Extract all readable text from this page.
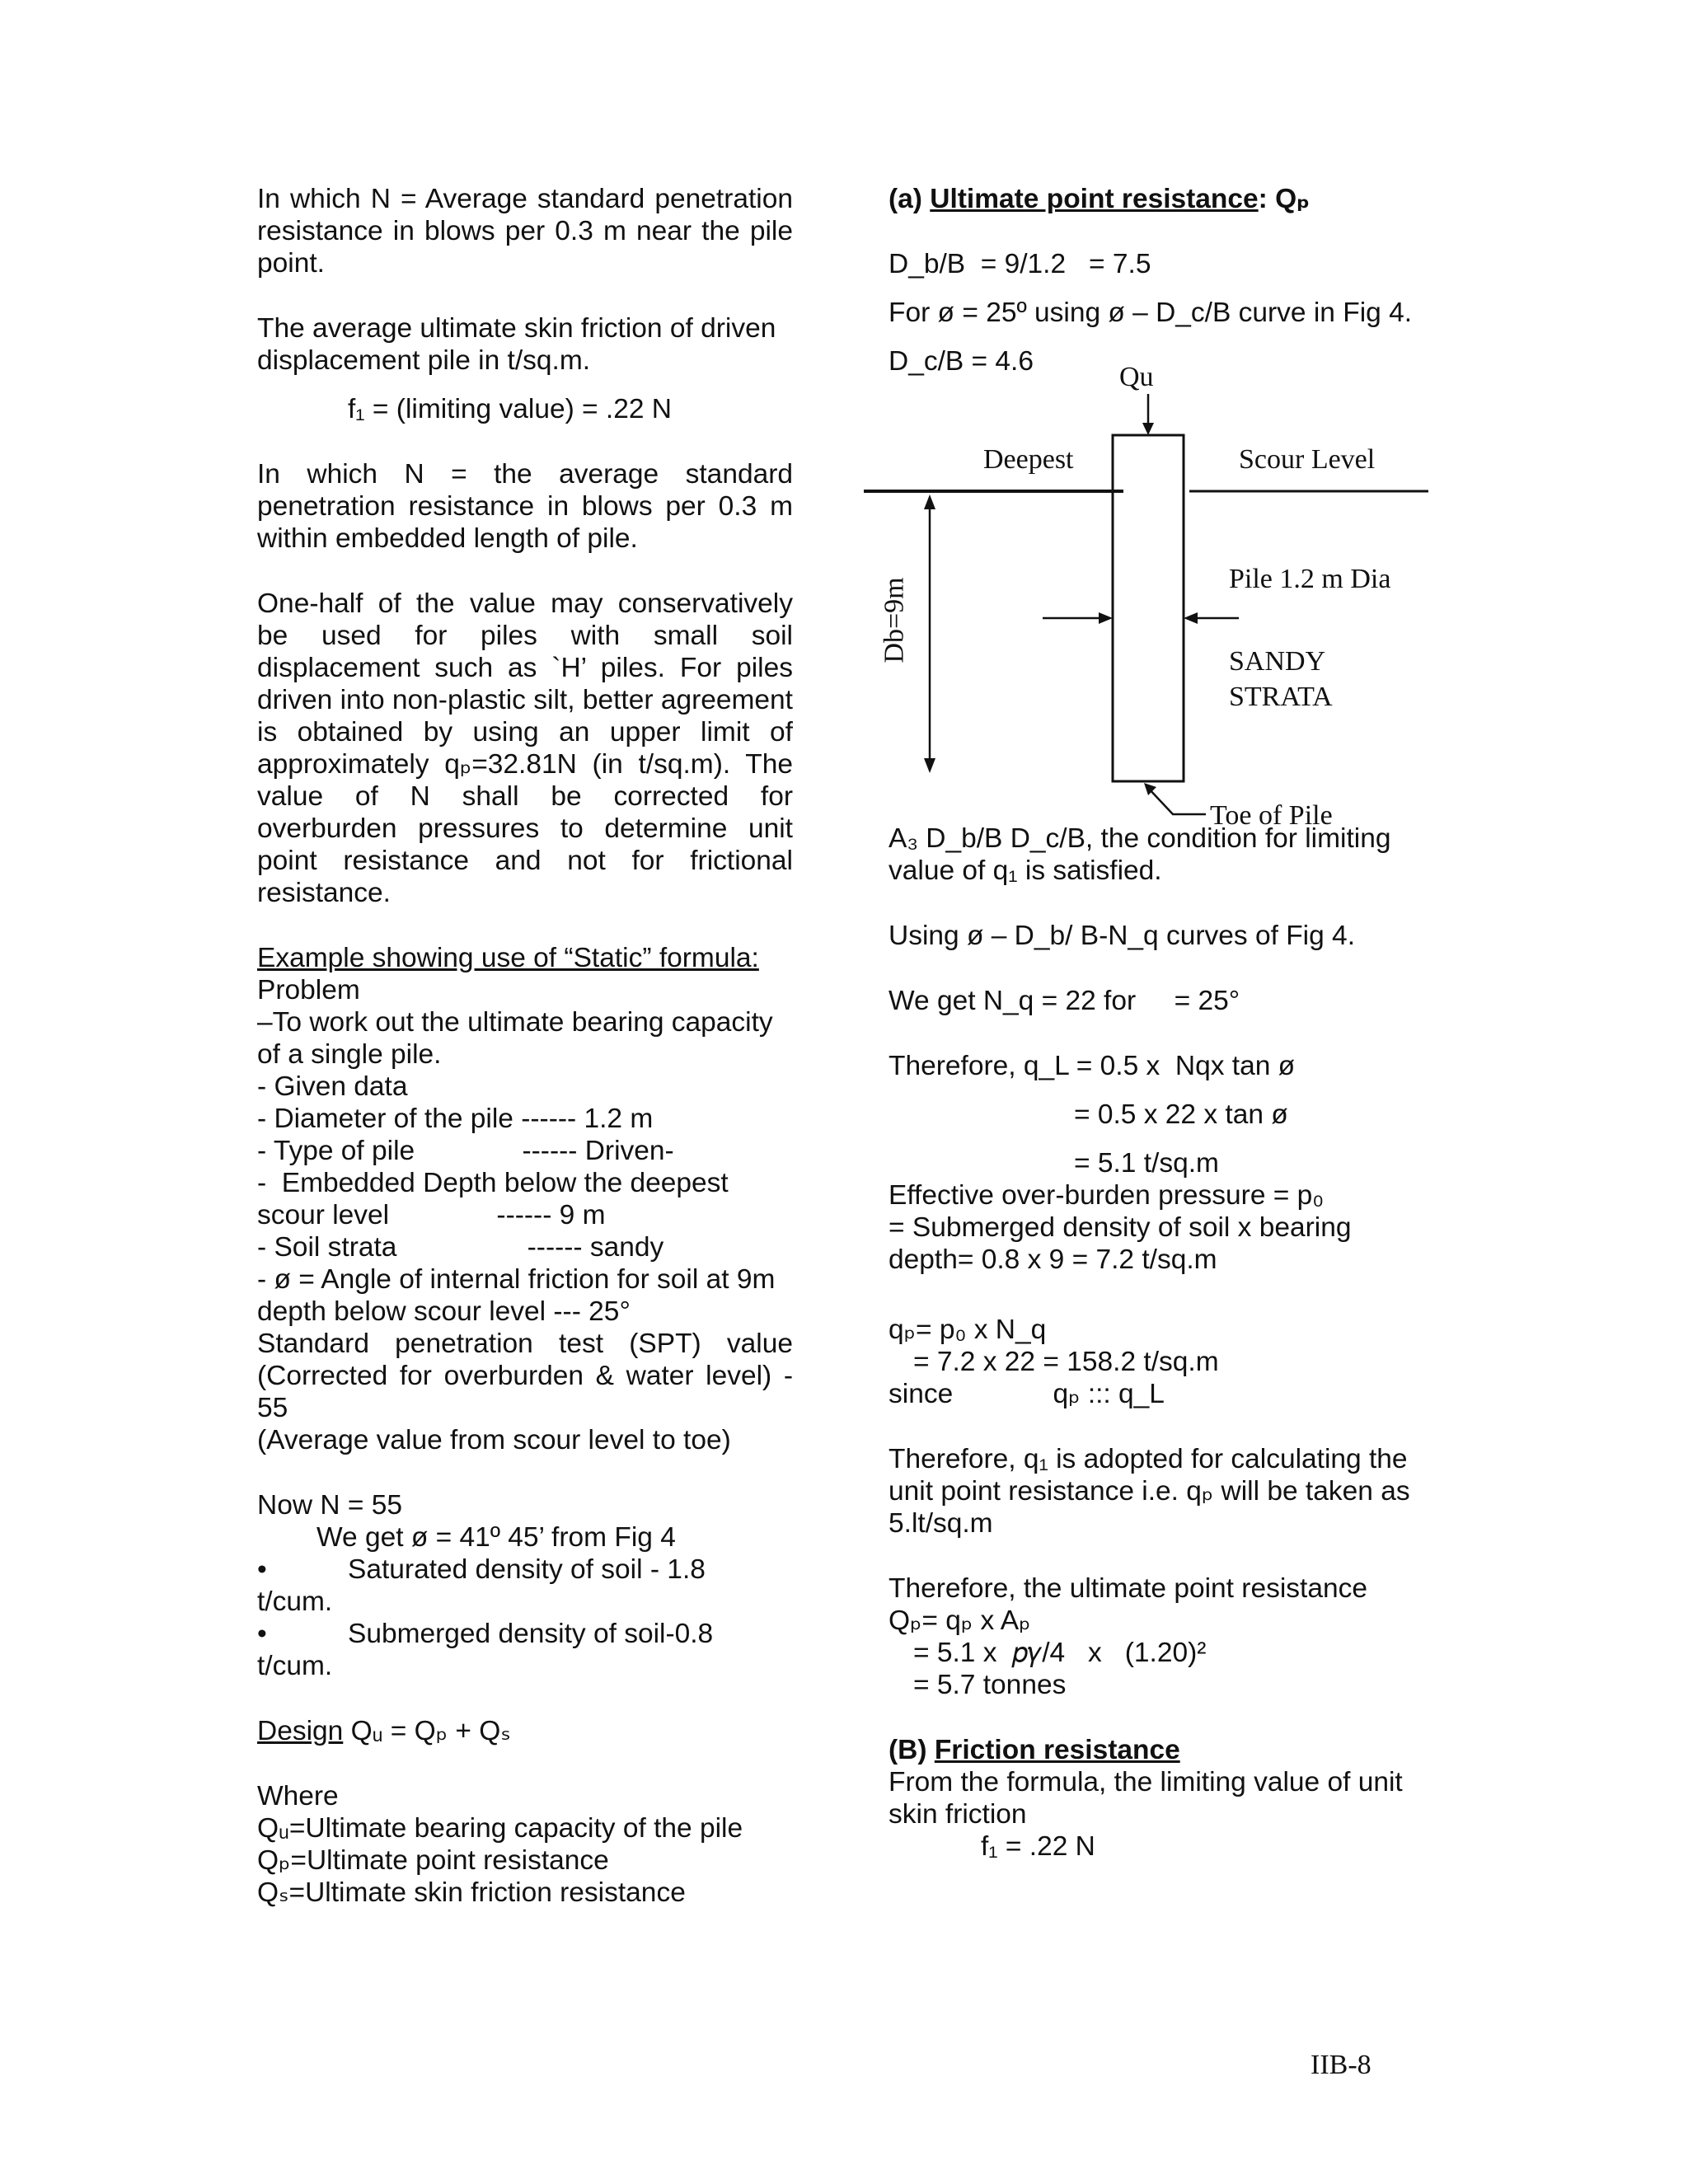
In which N = Average standard penetration resistance in blows per 0.3 m near the pile point.

The average ultimate skin friction of driven displacement pile in t/sq.m.

f₁ = (limiting value) = .22 N

In which N = the average standard penetration resistance in blows per 0.3 m within embedded length of pile.

One-half of the value may conservatively be used for piles with small soil displacement such as `H’ piles. For piles driven into non-plastic silt, better agreement is obtained by using an upper limit of approximately qₚ=32.81N (in t/sq.m). The value of N shall be corrected for overburden pressures to determine unit point resistance and not for frictional resistance.

Example showing use of “Static” formula:

Problem

–To work out the ultimate bearing capacity of a single pile.

- Given data

- Diameter of the pile ------ 1.2 m

- Type of pile              ------ Driven-

-  Embedded Depth below the deepest scour level              ------ 9 m

- Soil strata                 ------ sandy

- ø = Angle of internal friction for soil at 9m depth below scour level --- 25°

Standard penetration test (SPT) value (Corrected for overburden & water level) - 55

(Average value from scour level to toe)

Now N = 55

We get ø = 41º 45’ from Fig 4

•	Saturated density of soil - 1.8

t/cum.

•	Submerged density of soil-0.8

t/cum.

Design Qᵤ = Qₚ + Qₛ

Where

Qᵤ=Ultimate bearing capacity of the pile

Qₚ=Ultimate point resistance

Qₛ=Ultimate skin friction resistance

(a) Ultimate point resistance: Qₚ

D_b/B  = 9/1.2   = 7.5

For ø = 25º using ø – D_c/B curve in Fig 4.

D_c/B = 4.6

Qu
Deepest	Scour Level
Db=9m	Pile 1.2 m Dia
SANDY
STRATA
Toe of Pile

A₃ D_b/B D_c/B, the condition for limiting value of q₁ is satisfied.

Using ø – D_b/ B-N_q curves of Fig 4.

We get N_q = 22 for     = 25°

Therefore, q_L = 0.5 x  Nqx tan ø

= 0.5 x 22 x tan ø

= 5.1 t/sq.m

Effective over-burden pressure = p₀

= Submerged density of soil x bearing depth= 0.8 x 9 = 7.2 t/sq.m

qₚ= p₀ x N_q

= 7.2 x 22 = 158.2 t/sq.m

since	qₚ ::: q_L

Therefore, q₁ is adopted for calculating the unit point resistance i.e. qₚ will be taken as 5.lt/sq.m

Therefore, the ultimate point resistance

Qₚ= qₚ x Aₚ

= 5.1 x  𝑝𝛾/4   x   (1.20)²

= 5.7 tonnes

(B) Friction resistance

From the formula, the limiting value of unit skin friction

f₁ = .22 N

IIB-8
